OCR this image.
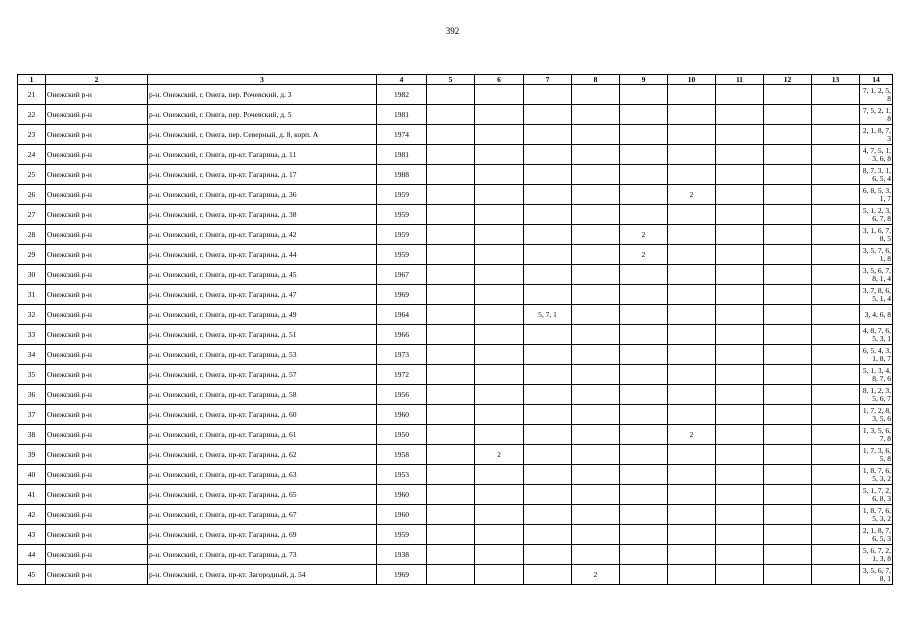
392
1	2	3	4	5	6	7	8	9	10	11	12	13	14
21	Онежский р-н	р-н. Онежский, г. Онега, пер. Рочевский, д. 3	1982										7, 1, 2, 5, 8
22	Онежский р-н	р-н. Онежский, г. Онега, пер. Рочевский, д. 5	1981										7, 5, 2, 1, 8
23	Онежский р-н	р-н. Онежский, г. Онега, пер. Северный, д. 8, корп. А	1974										2, 1, 8, 7, 3
24	Онежский р-н	р-н. Онежский, г. Онега, пр-кт. Гагарина, д. 11	1981										4, 7, 5, 1, 3, 6, 8
25	Онежский р-н	р-н. Онежский, г. Онега, пр-кт. Гагарина, д. 17	1988										8, 7, 3, 1, 6, 5, 4
26	Онежский р-н	р-н. Онежский, г. Онега, пр-кт. Гагарина, д. 36	1959						2				6, 8, 5, 3, 1, 7
27	Онежский р-н	р-н. Онежский, г. Онега, пр-кт. Гагарина, д. 38	1959										5, 1, 2, 3, 6, 7, 8
28	Онежский р-н	р-н. Онежский, г. Онега, пр-кт. Гагарина, д. 42	1959					2					3, 1, 6, 7, 8, 5
29	Онежский р-н	р-н. Онежский, г. Онега, пр-кт. Гагарина, д. 44	1959					2					3, 5, 7, 6, 1, 8
30	Онежский р-н	р-н. Онежский, г. Онега, пр-кт. Гагарина, д. 45	1967										3, 5, 6, 7, 8, 1, 4
31	Онежский р-н	р-н. Онежский, г. Онега, пр-кт. Гагарина, д. 47	1969										3, 7, 8, 6, 5, 1, 4
32	Онежский р-н	р-н. Онежский, г. Онега, пр-кт. Гагарина, д. 49	1964			5, 7, 1							3, 4, 6, 8
33	Онежский р-н	р-н. Онежский, г. Онега, пр-кт. Гагарина, д. 51	1966										4, 8, 7, 6, 5, 3, 1
34	Онежский р-н	р-н. Онежский, г. Онега, пр-кт. Гагарина, д. 53	1973										6, 5, 4, 3, 1, 8, 7
35	Онежский р-н	р-н. Онежский, г. Онега, пр-кт. Гагарина, д. 57	1972										5, 1, 3, 4, 8, 7, 6
36	Онежский р-н	р-н. Онежский, г. Онега, пр-кт. Гагарина, д. 58	1956										8, 1, 2, 3, 5, 6, 7
37	Онежский р-н	р-н. Онежский, г. Онега, пр-кт. Гагарина, д. 60	1960										1, 7, 2, 8, 3, 5, 6
38	Онежский р-н	р-н. Онежский, г. Онега, пр-кт. Гагарина, д. 61	1950						2				1, 3, 5, 6, 7, 8
39	Онежский р-н	р-н. Онежский, г. Онега, пр-кт. Гагарина, д. 62	1958		2								1, 7, 3, 6, 5, 8
40	Онежский р-н	р-н. Онежский, г. Онега, пр-кт. Гагарина, д. 63	1953										1, 8, 7, 6, 5, 3, 2
41	Онежский р-н	р-н. Онежский, г. Онега, пр-кт. Гагарина, д. 65	1960										5, 1, 7, 2, 6, 8, 3
42	Онежский р-н	р-н. Онежский, г. Онега, пр-кт. Гагарина, д. 67	1960										1, 8, 7, 6, 5, 3, 2
43	Онежский р-н	р-н. Онежский, г. Онега, пр-кт. Гагарина, д. 69	1959										2, 1, 8, 7, 6, 5, 3
44	Онежский р-н	р-н. Онежский, г. Онега, пр-кт. Гагарина, д. 73	1938										5, 6, 7, 2, 1, 3, 8
45	Онежский р-н	р-н. Онежский, г. Онега, пр-кт. Загородный, д. 54	1969				2						3, 5, 6, 7, 8, 1
